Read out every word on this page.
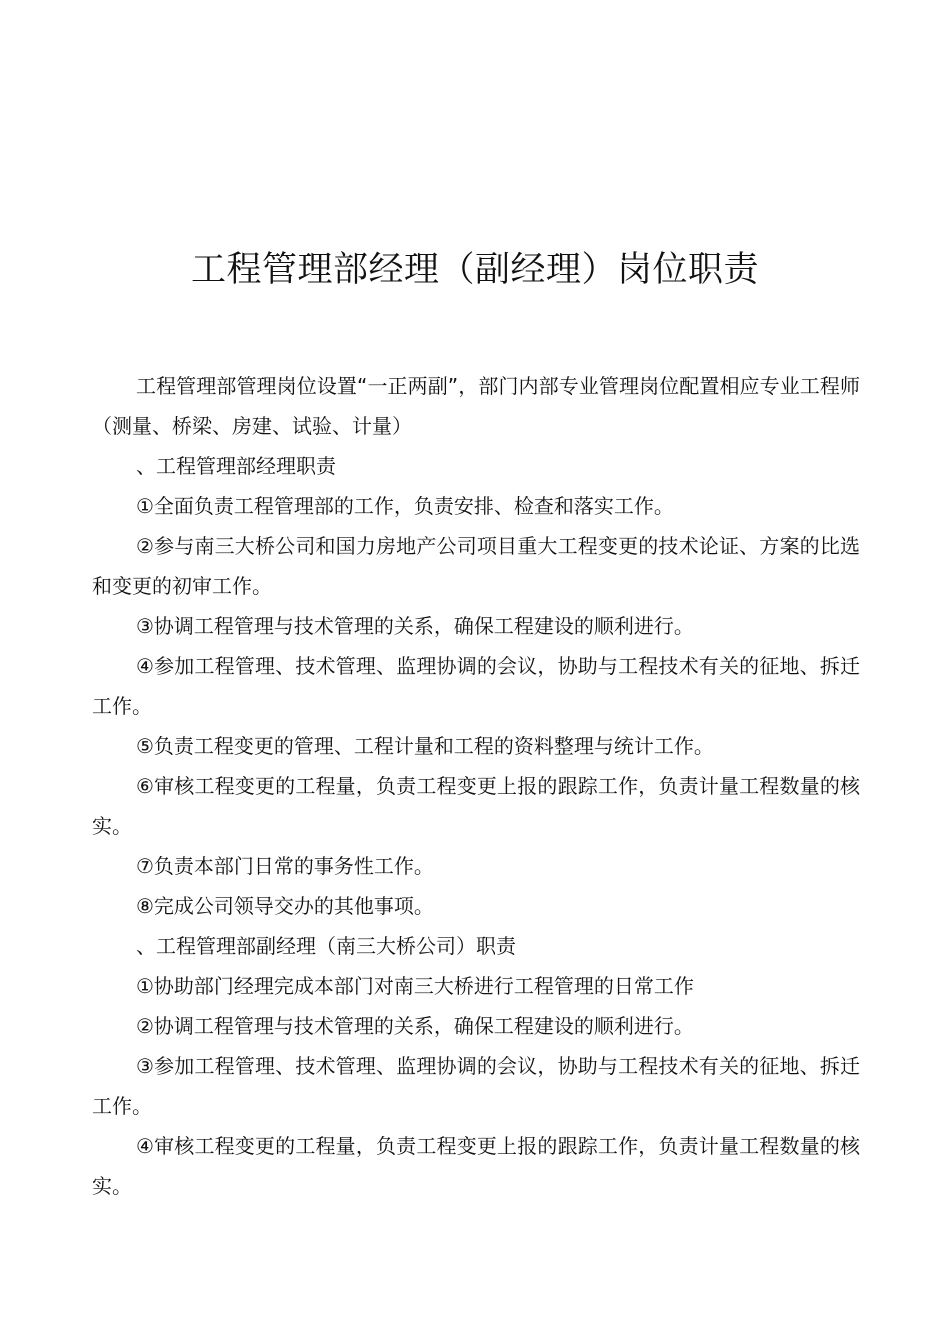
工程管理部经理（副经理）岗位职责

工程管理部管理岗位设置“一正两副”，部门内部专业管理岗位配置相应专业工程师（测量、桥梁、房建、试验、计量）

、工程管理部经理职责

①全面负责工程管理部的工作，负责安排、检查和落实工作。

②参与南三大桥公司和国力房地产公司项目重大工程变更的技术论证、方案的比选和变更的初审工作。

③协调工程管理与技术管理的关系，确保工程建设的顺利进行。

④参加工程管理、技术管理、监理协调的会议，协助与工程技术有关的征地、拆迁工作。

⑤负责工程变更的管理、工程计量和工程的资料整理与统计工作。

⑥审核工程变更的工程量，负责工程变更上报的跟踪工作，负责计量工程数量的核实。

⑦负责本部门日常的事务性工作。

⑧完成公司领导交办的其他事项。

、工程管理部副经理（南三大桥公司）职责

①协助部门经理完成本部门对南三大桥进行工程管理的日常工作

②协调工程管理与技术管理的关系，确保工程建设的顺利进行。

③参加工程管理、技术管理、监理协调的会议，协助与工程技术有关的征地、拆迁工作。

④审核工程变更的工程量，负责工程变更上报的跟踪工作，负责计量工程数量的核实。
